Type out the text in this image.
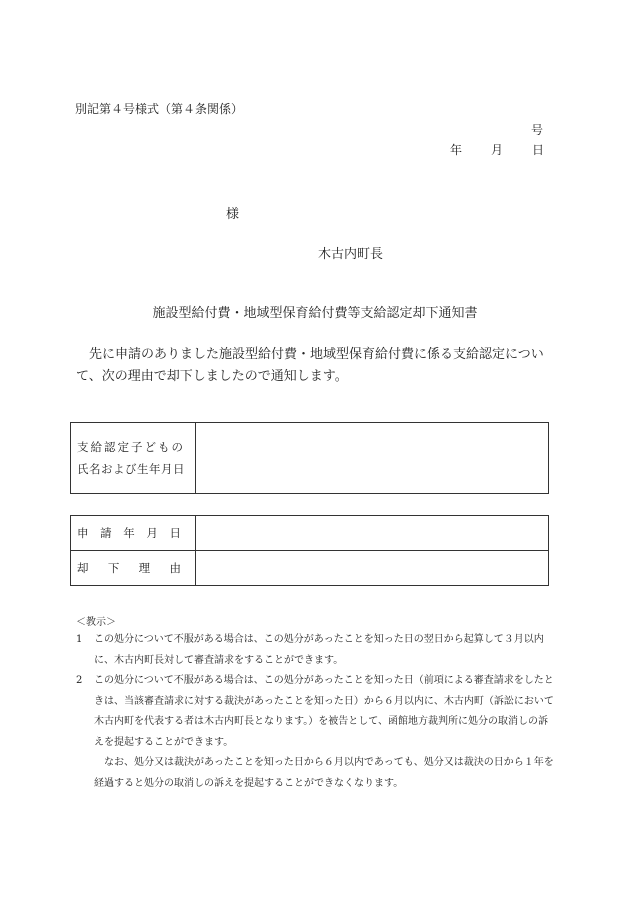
別記第４号様式（第４条関係）
号
年 月 日
様
木古内町長
施設型給付費・地域型保育給付費等支給認定却下通知書
先に申請のありました施設型給付費・地域型保育給付費に係る支給認定について、次の理由で却下しましたので通知します。
支給認定子どもの
氏名および生年月日

申 請 年 月 日	

却 下 理 由	

＜教示＞
1	この処分について不服がある場合は、この処分があったことを知った日の翌日から起算して３月以内に、木古内町長対して審査請求をすることができます。
2	この処分について不服がある場合は、この処分があったことを知った日（前項による審査請求をしたときは、当該審査請求に対する裁決があったことを知った日）から６月以内に、木古内町（訴訟において木古内町を代表する者は木古内町長となります。）を被告として、函館地方裁判所に処分の取消しの訴えを提起することができます。
なお、処分又は裁決があったことを知った日から６月以内であっても、処分又は裁決の日から１年を経過すると処分の取消しの訴えを提起することができなくなります。
